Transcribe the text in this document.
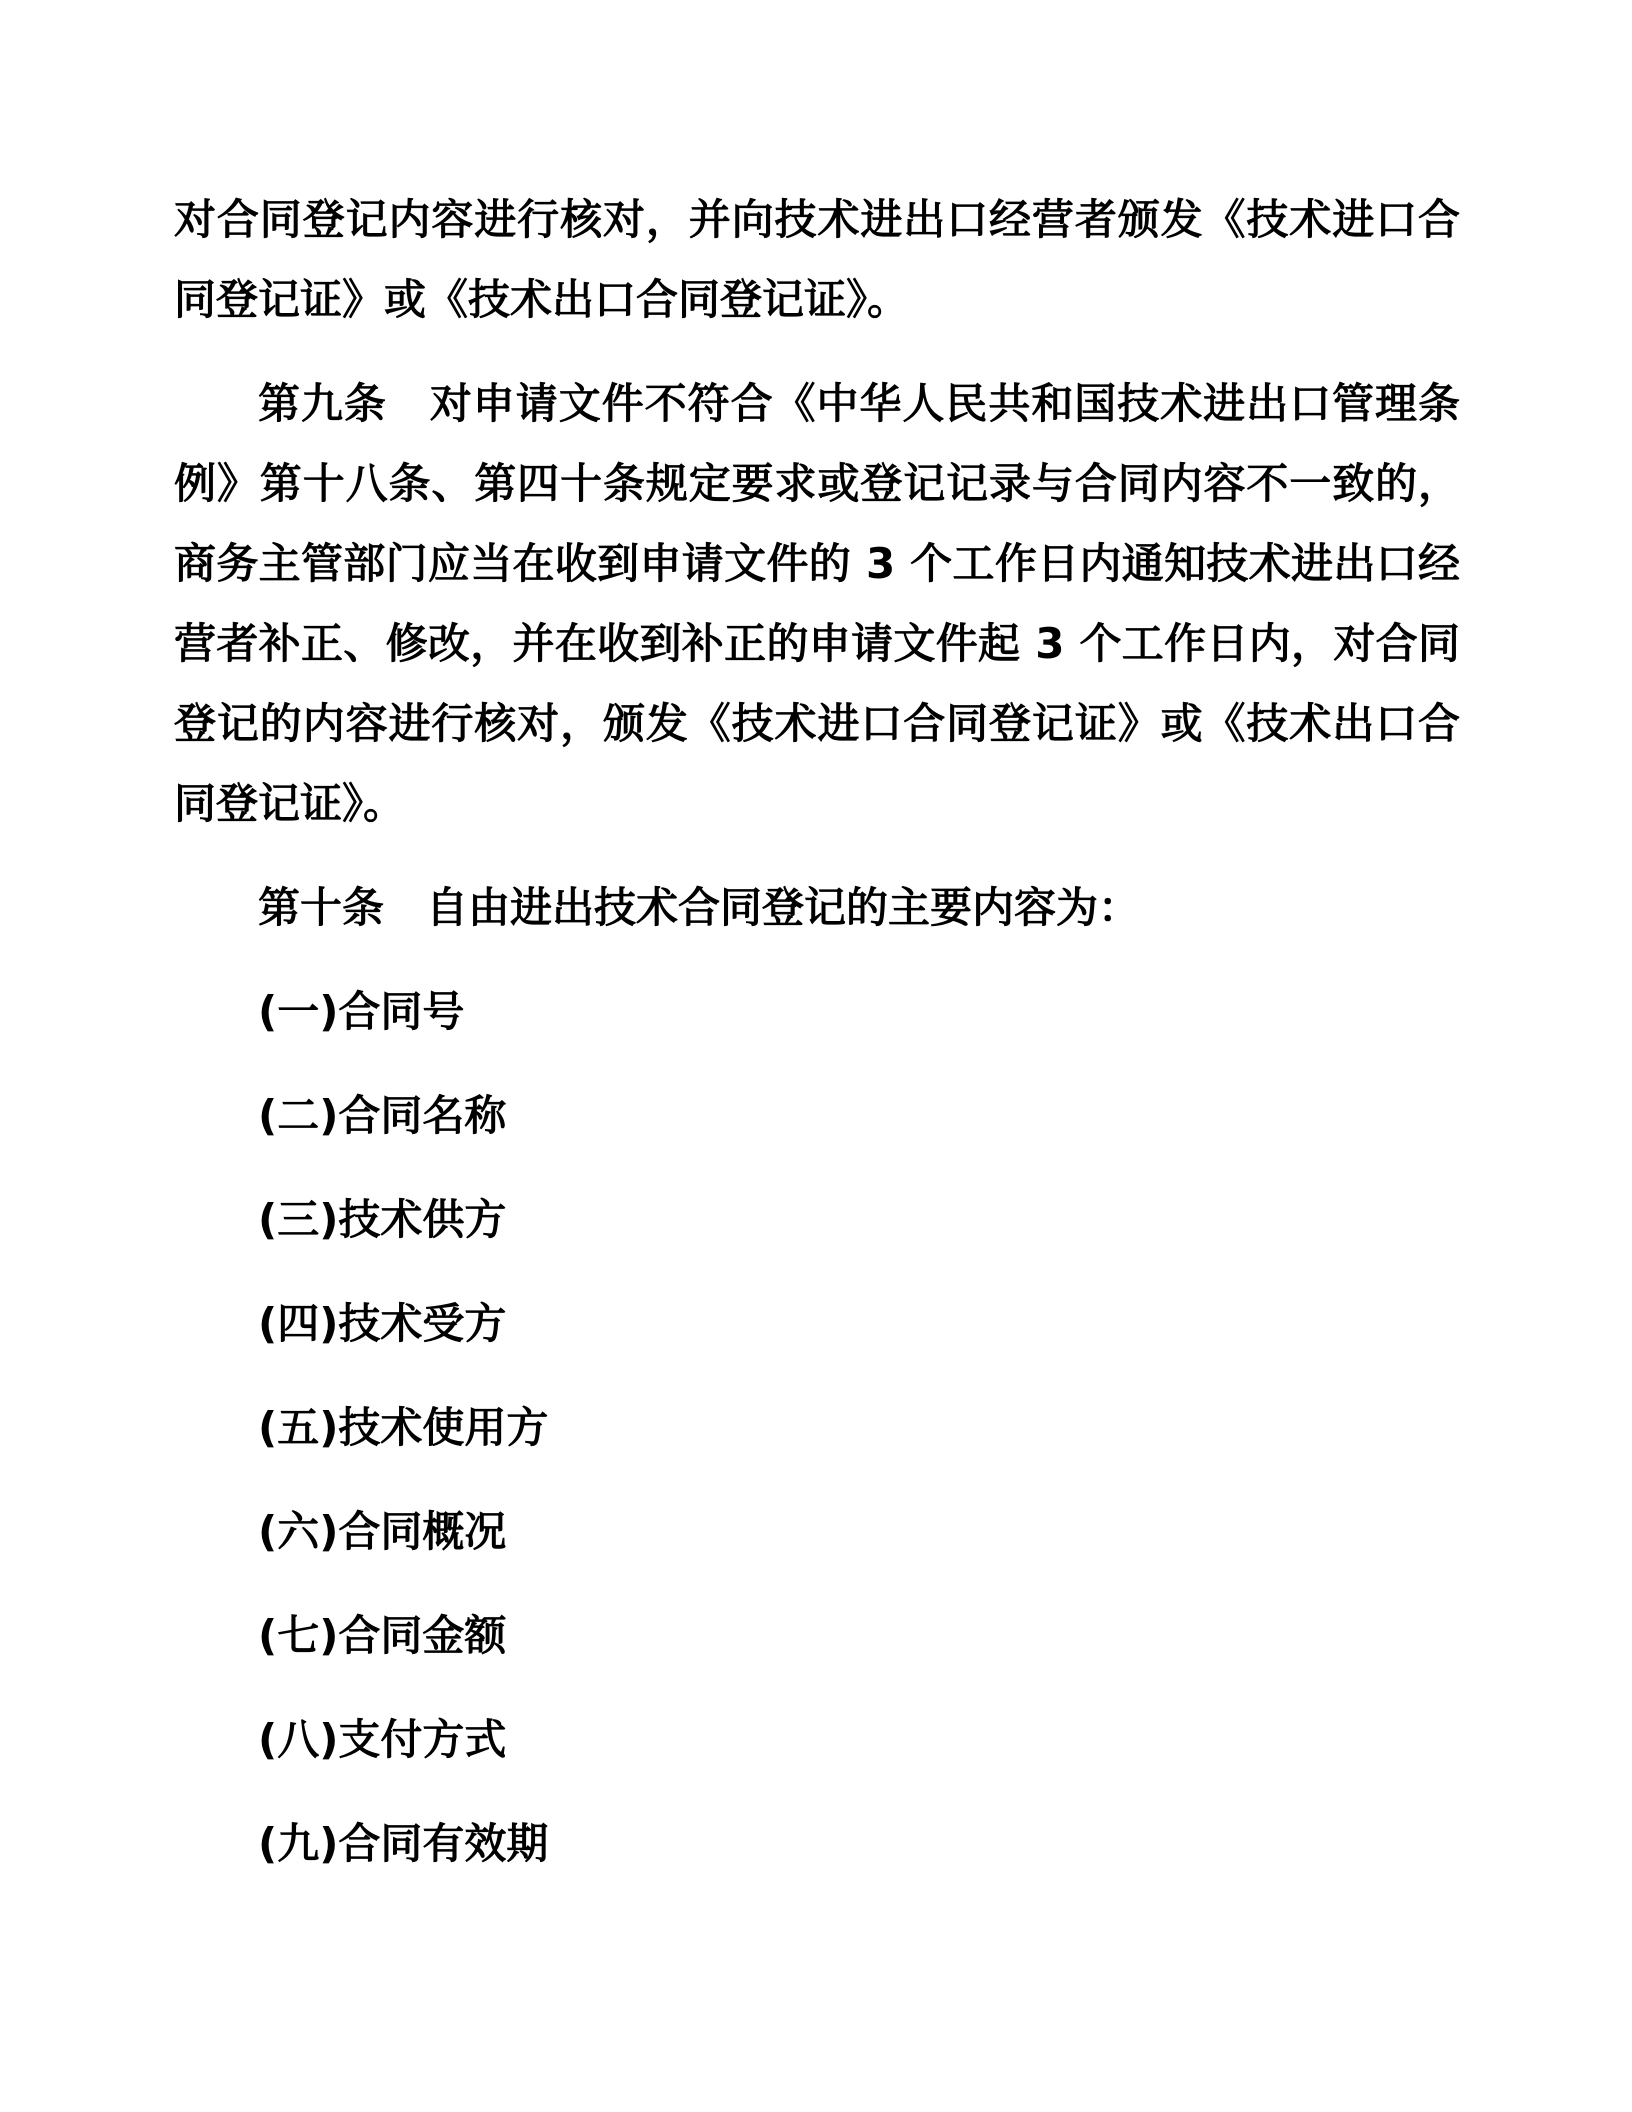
对合同登记内容进行核对，并向技术进出口经营者颁发《技术进口合同登记证》或《技术出口合同登记证》。

第九条　对申请文件不符合《中华人民共和国技术进出口管理条例》第十八条、第四十条规定要求或登记记录与合同内容不一致的，商务主管部门应当在收到申请文件的 3 个工作日内通知技术进出口经营者补正、修改，并在收到补正的申请文件起 3 个工作日内，对合同登记的内容进行核对，颁发《技术进口合同登记证》或《技术出口合同登记证》。

第十条　自由进出技术合同登记的主要内容为：

(一)合同号

(二)合同名称

(三)技术供方

(四)技术受方

(五)技术使用方

(六)合同概况

(七)合同金额

(八)支付方式

(九)合同有效期
